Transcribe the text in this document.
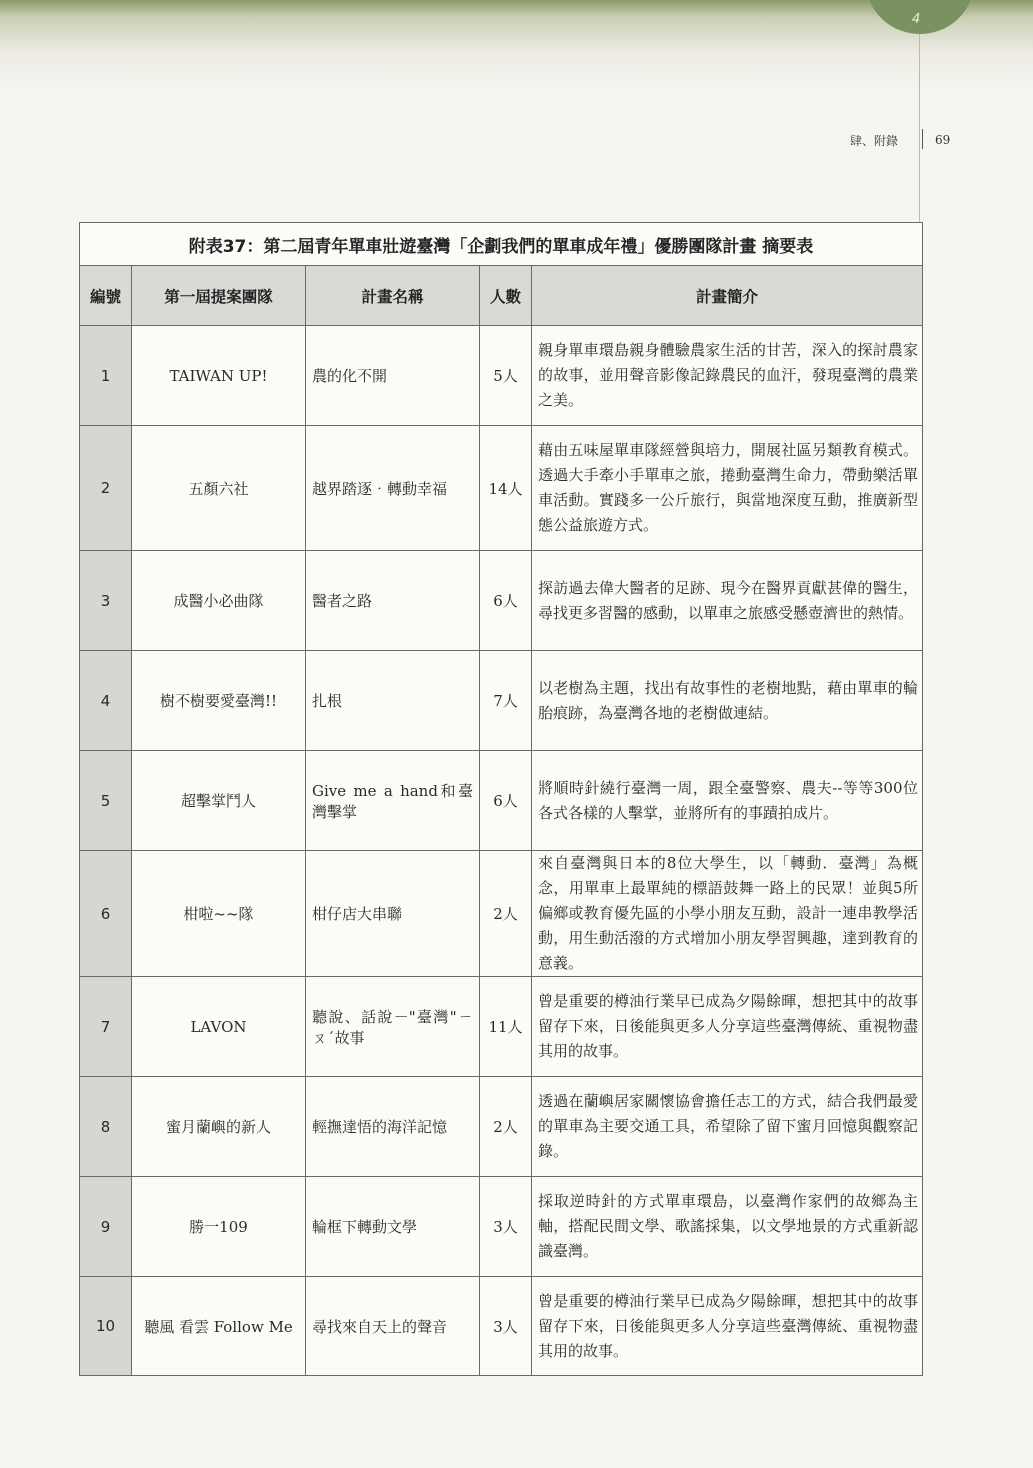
4
肆、附錄	69
附表37：第二屆青年單車壯遊臺灣「企劃我們的單車成年禮」優勝團隊計畫 摘要表				
編號	第一屆提案團隊	計畫名稱	人數	計畫簡介
1	TAIWAN UP!	農的化不開	5人	親身單車環島親身體驗農家生活的甘苦，深入的探討農家的故事，並用聲音影像記錄農民的血汗，發現臺灣的農業之美。
2	五顏六社	越界踏逐‧轉動幸福	14人	藉由五味屋單車隊經營與培力，開展社區另類教育模式。透過大手牽小手單車之旅，捲動臺灣生命力，帶動樂活單車活動。實踐多一公斤旅行，與當地深度互動，推廣新型態公益旅遊方式。
3	成醫小必曲隊	醫者之路	6人	探訪過去偉大醫者的足跡、現今在醫界貢獻甚偉的醫生，尋找更多習醫的感動，以單車之旅感受懸壺濟世的熱情。
4	樹不樹要愛臺灣!!	扎根	7人	以老樹為主題，找出有故事性的老樹地點，藉由單車的輪胎痕跡，為臺灣各地的老樹做連結。
5	超擊掌鬥人	Give me a hand和臺灣擊掌	6人	將順時針繞行臺灣一周，跟全臺警察、農夫--等等300位各式各樣的人擊掌，並將所有的事蹟拍成片。
6	柑啦~~隊	柑仔店大串聯	2人	來自臺灣與日本的8位大學生，以「轉動．臺灣」為概念，用單車上最單純的標語鼓舞一路上的民眾！並與5所偏鄉或教育優先區的小學小朋友互動，設計一連串教學活動，用生動活潑的方式增加小朋友學習興趣，達到教育的意義。
7	LAVON	聽說、話說－"臺灣"ㄧㄡˊ故事	11人	曾是重要的樽油行業早已成為夕陽餘暉，想把其中的故事留存下來，日後能與更多人分享這些臺灣傳統、重視物盡其用的故事。
8	蜜月蘭嶼的新人	輕撫達悟的海洋記憶	2人	透過在蘭嶼居家關懷協會擔任志工的方式，結合我們最愛的單車為主要交通工具，希望除了留下蜜月回憶與觀察記錄。
9	勝一109	輪框下轉動文學	3人	採取逆時針的方式單車環島，以臺灣作家們的故鄉為主軸，搭配民間文學、歌謠採集，以文學地景的方式重新認識臺灣。
10	聽風 看雲 Follow Me	尋找來自天上的聲音	3人	曾是重要的樽油行業早已成為夕陽餘暉，想把其中的故事留存下來，日後能與更多人分享這些臺灣傳統、重視物盡其用的故事。
